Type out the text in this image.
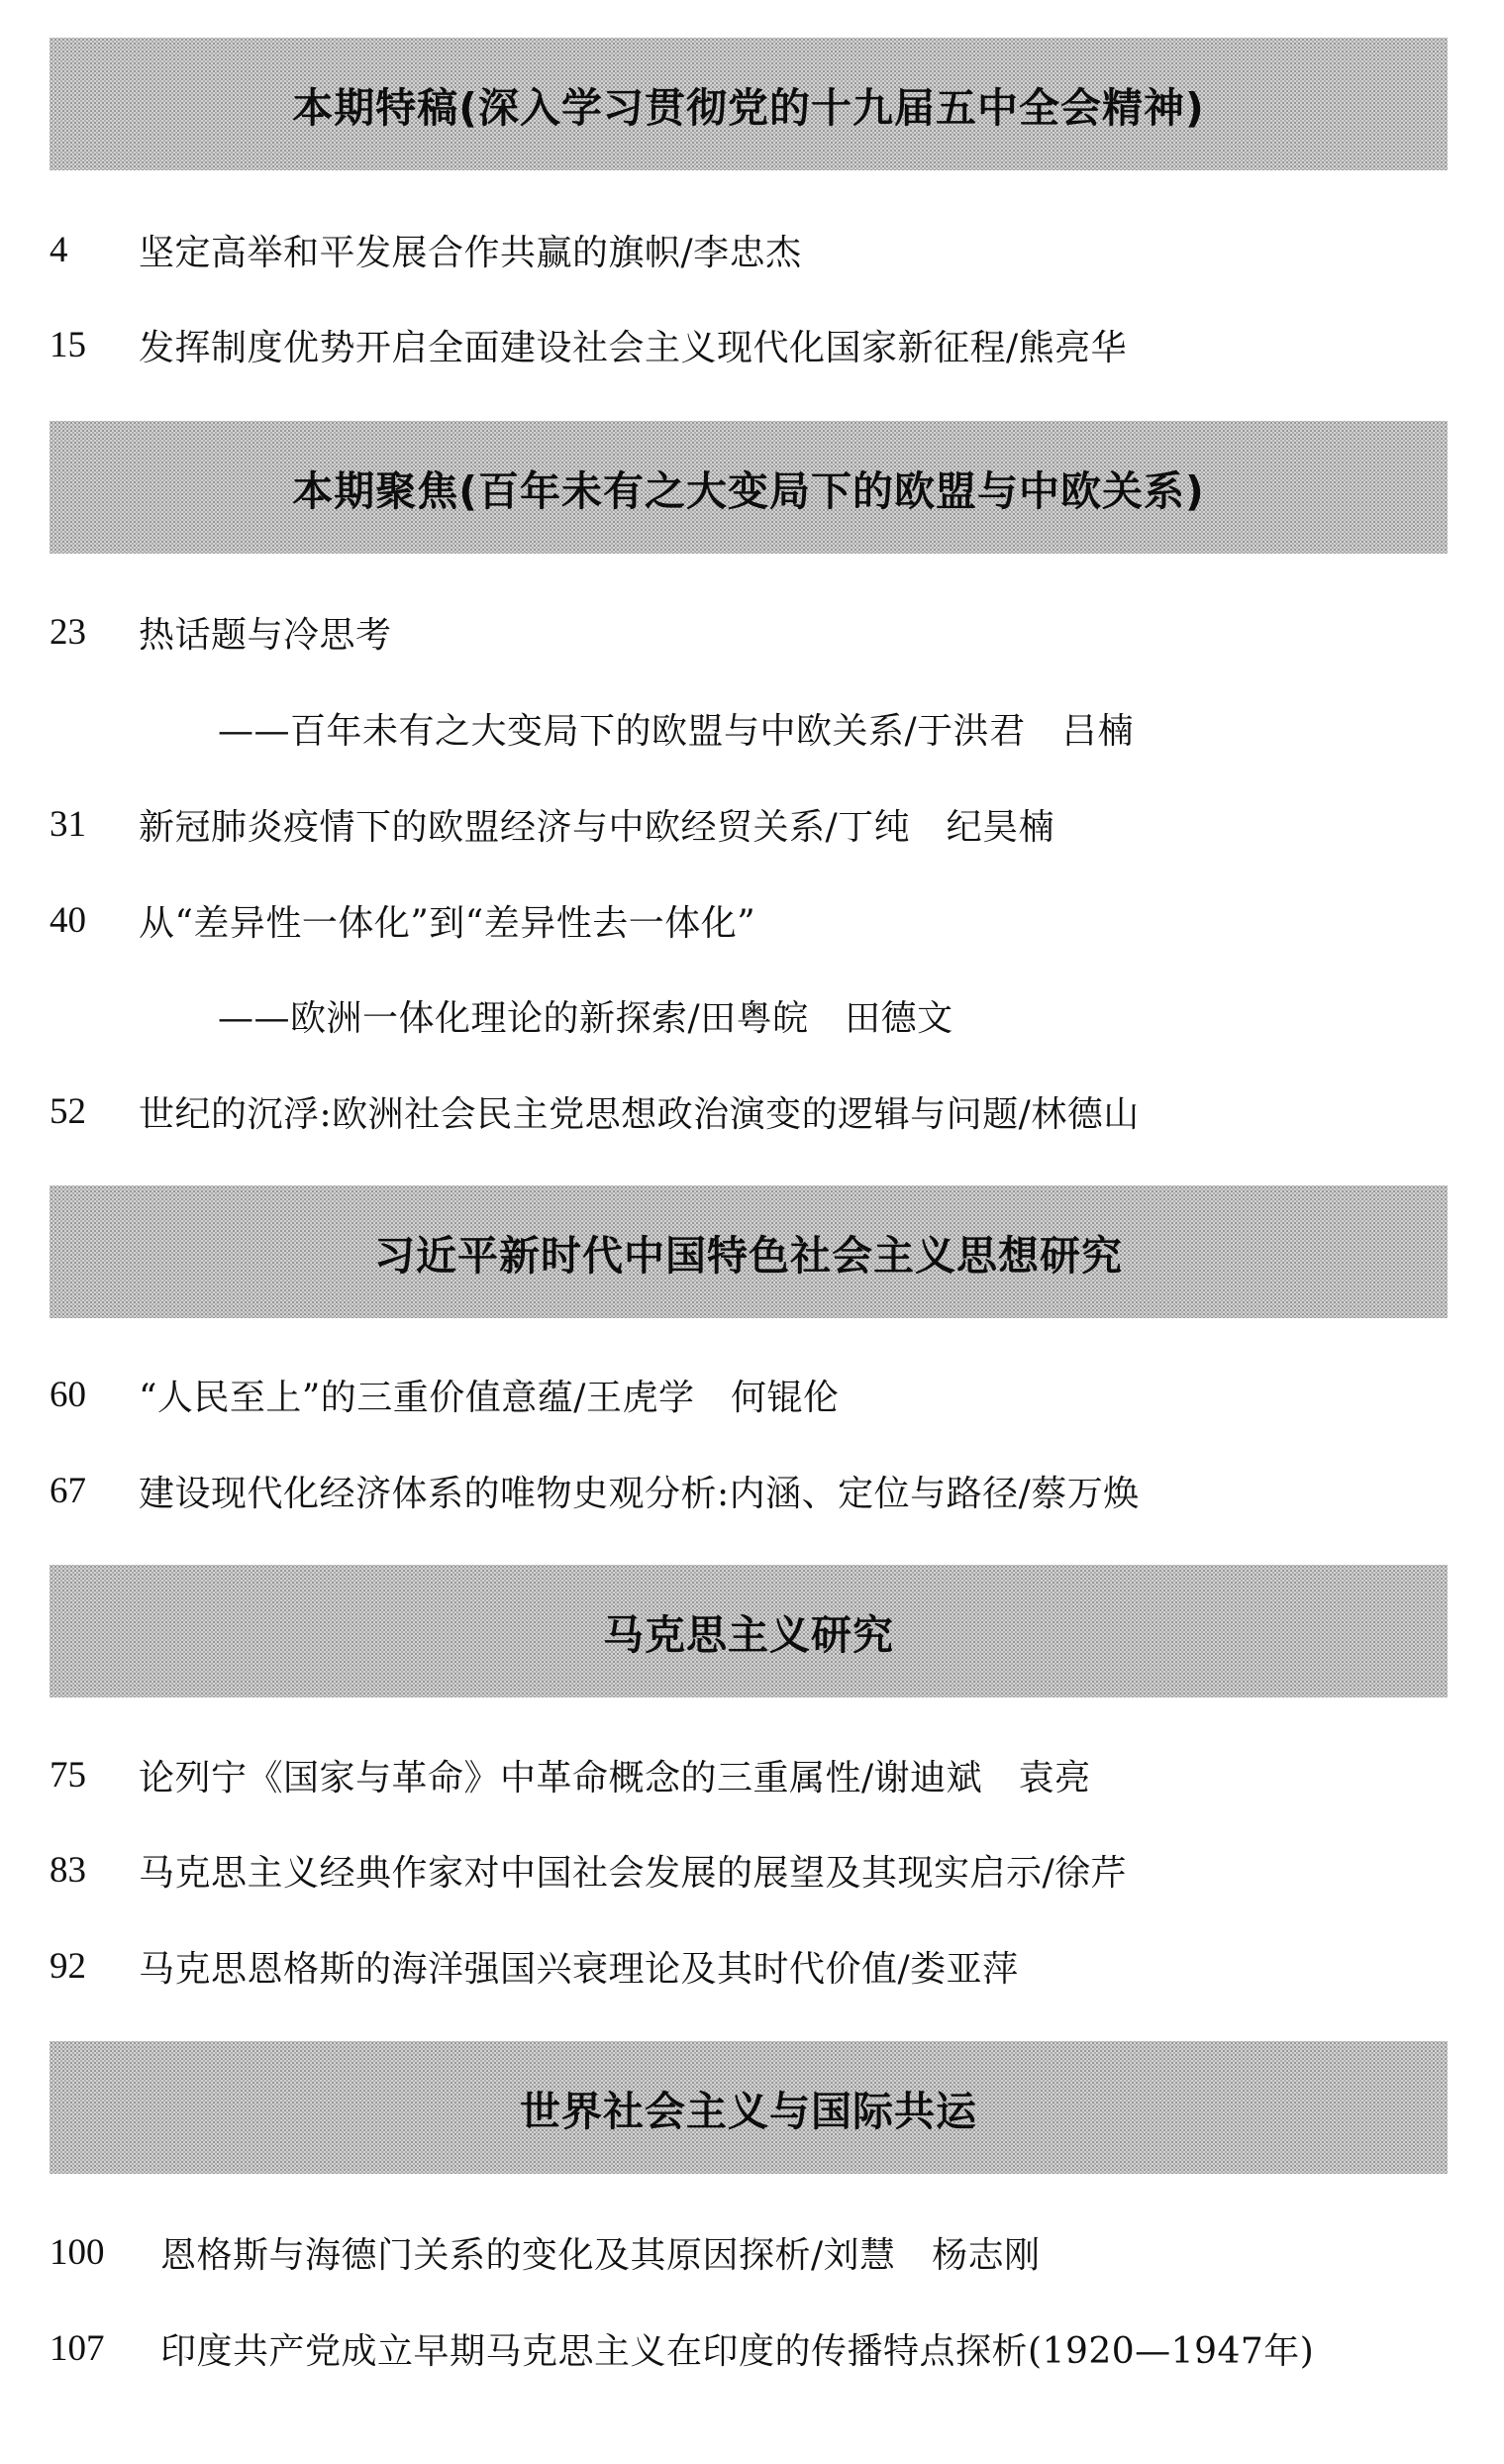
本期特稿(深入学习贯彻党的十九届五中全会精神)
4 坚定高举和平发展合作共赢的旗帜/李忠杰
15 发挥制度优势开启全面建设社会主义现代化国家新征程/熊亮华
本期聚焦(百年未有之大变局下的欧盟与中欧关系)
23 热话题与冷思考
——百年未有之大变局下的欧盟与中欧关系/于洪君　吕楠
31 新冠肺炎疫情下的欧盟经济与中欧经贸关系/丁纯　纪昊楠
40 从“差异性一体化”到“差异性去一体化”
——欧洲一体化理论的新探索/田粤皖　田德文
52 世纪的沉浮:欧洲社会民主党思想政治演变的逻辑与问题/林德山
习近平新时代中国特色社会主义思想研究
60 “人民至上”的三重价值意蕴/王虎学　何锟伦
67 建设现代化经济体系的唯物史观分析:内涵、定位与路径/蔡万焕
马克思主义研究
75 论列宁《国家与革命》中革命概念的三重属性/谢迪斌　袁亮
83 马克思主义经典作家对中国社会发展的展望及其现实启示/徐芹
92 马克思恩格斯的海洋强国兴衰理论及其时代价值/娄亚萍
世界社会主义与国际共运
100 恩格斯与海德门关系的变化及其原因探析/刘慧　杨志刚
107 印度共产党成立早期马克思主义在印度的传播特点探析(1920—1947年)
